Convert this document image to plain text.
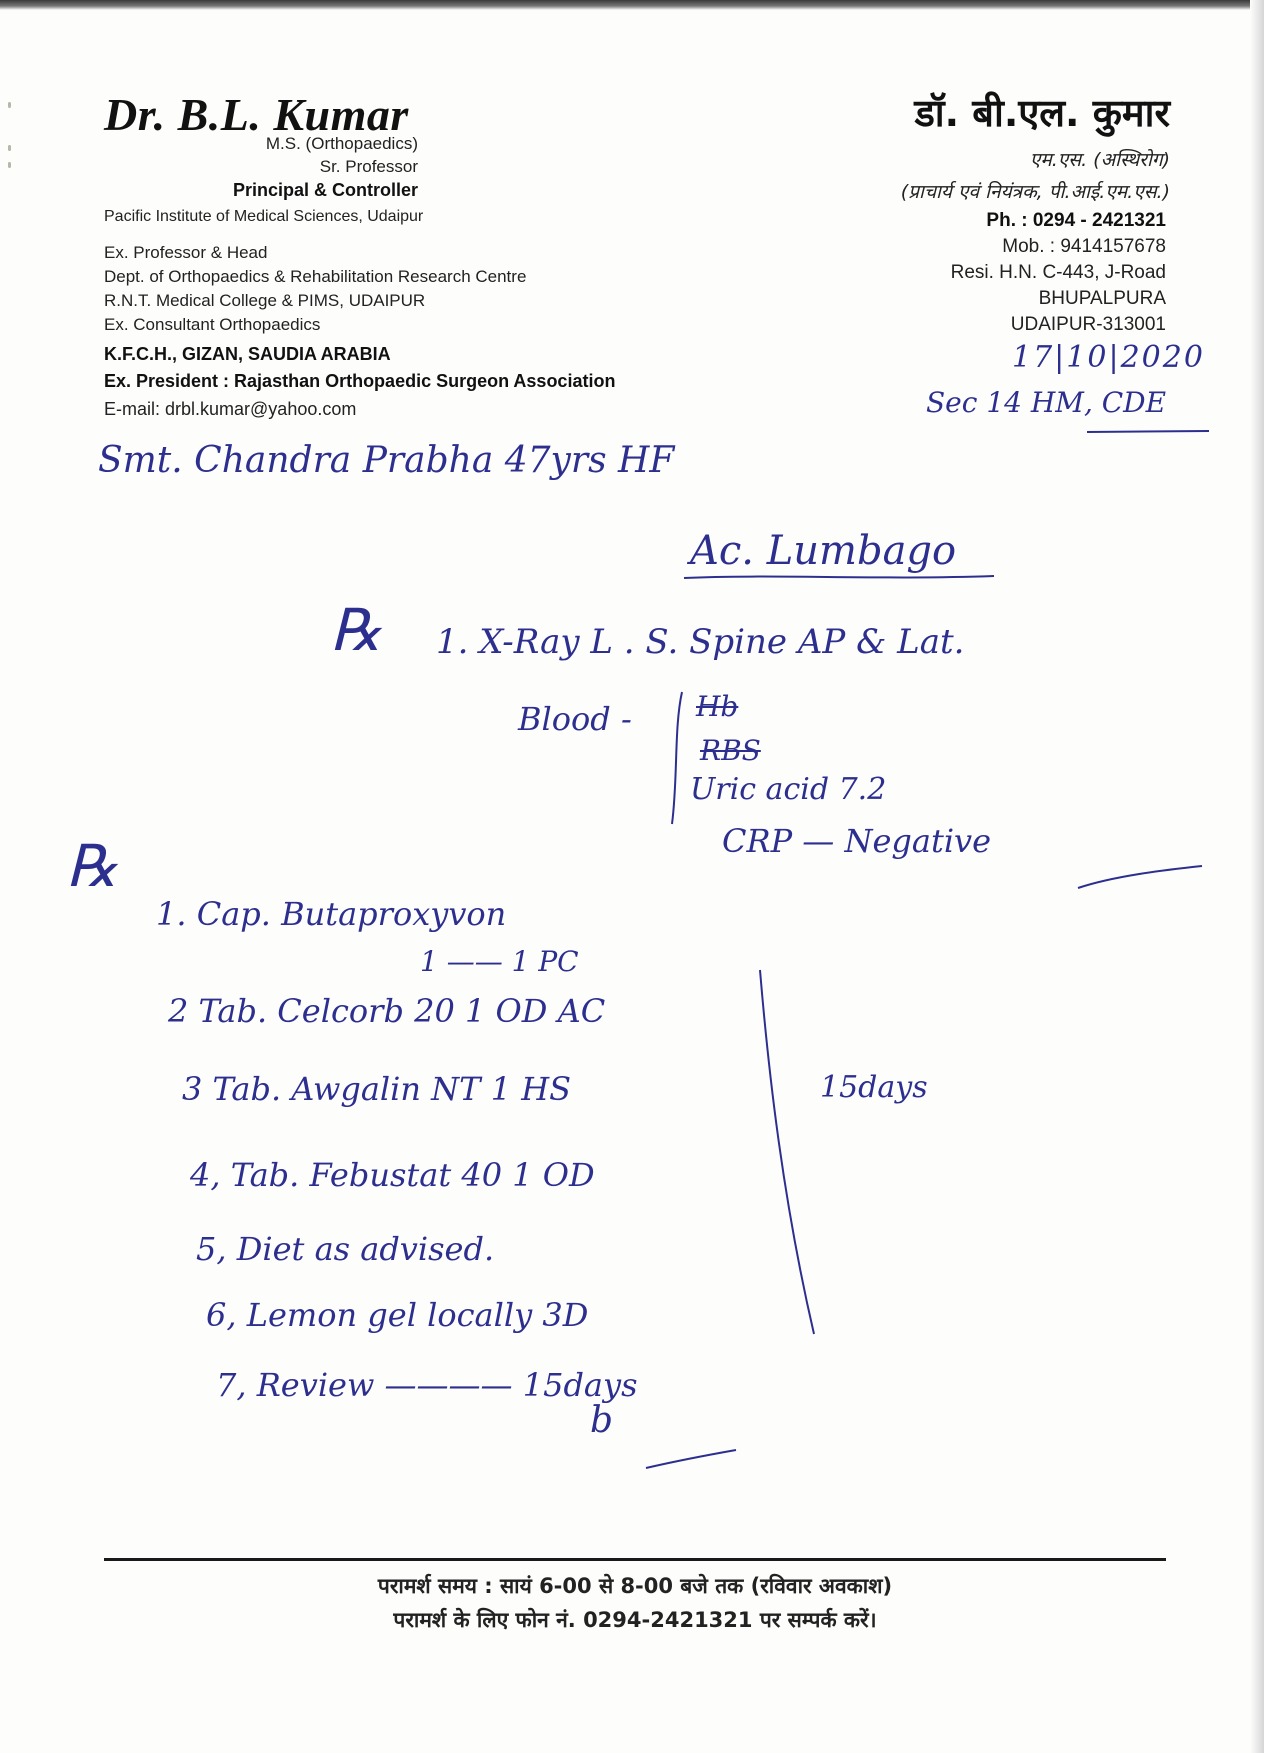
Dr. B.L. Kumar
M.S. (Orthopaedics)
Sr. Professor
Principal & Controller
Pacific Institute of Medical Sciences, Udaipur
Ex. Professor & Head
Dept. of Orthopaedics & Rehabilitation Research Centre
R.N.T. Medical College & PIMS, UDAIPUR
Ex. Consultant Orthopaedics
K.F.C.H., GIZAN, SAUDIA ARABIA
Ex. President : Rajasthan Orthopaedic Surgeon Association
E-mail: drbl.kumar@yahoo.com
डॉ. बी.एल. कुमार
एम.एस. (अस्थिरोग)
(प्राचार्य एवं नियंत्रक, पी.आई.एम.एस.)
Ph. : 0294 - 2421321
Mob. : 9414157678
Resi. H.N. C-443, J-Road
BHUPALPURA
UDAIPUR-313001
17|10|2020
Sec 14 HM, CDE
Smt. Chandra Prabha 47yrs HF
Ac. Lumbago
℞ 1. X-Ray L . S. Spine AP & Lat.
Blood - Hb
RBS
Uric acid 7.2
CRP — Negative
℞
1. Cap. Butaproxyvon
1 —— 1 PC
2 Tab. Celcorb 20 1 OD AC
3 Tab. Awgalin NT 1 HS
4, Tab. Febustat 40 1 OD
5, Diet as advised.
6, Lemon gel locally 3D
7, Review ———— 15days
15days
b
परामर्श समय : सायं 6-00 से 8-00 बजे तक (रविवार अवकाश)
परामर्श के लिए फोन नं. 0294-2421321 पर सम्पर्क करें।
